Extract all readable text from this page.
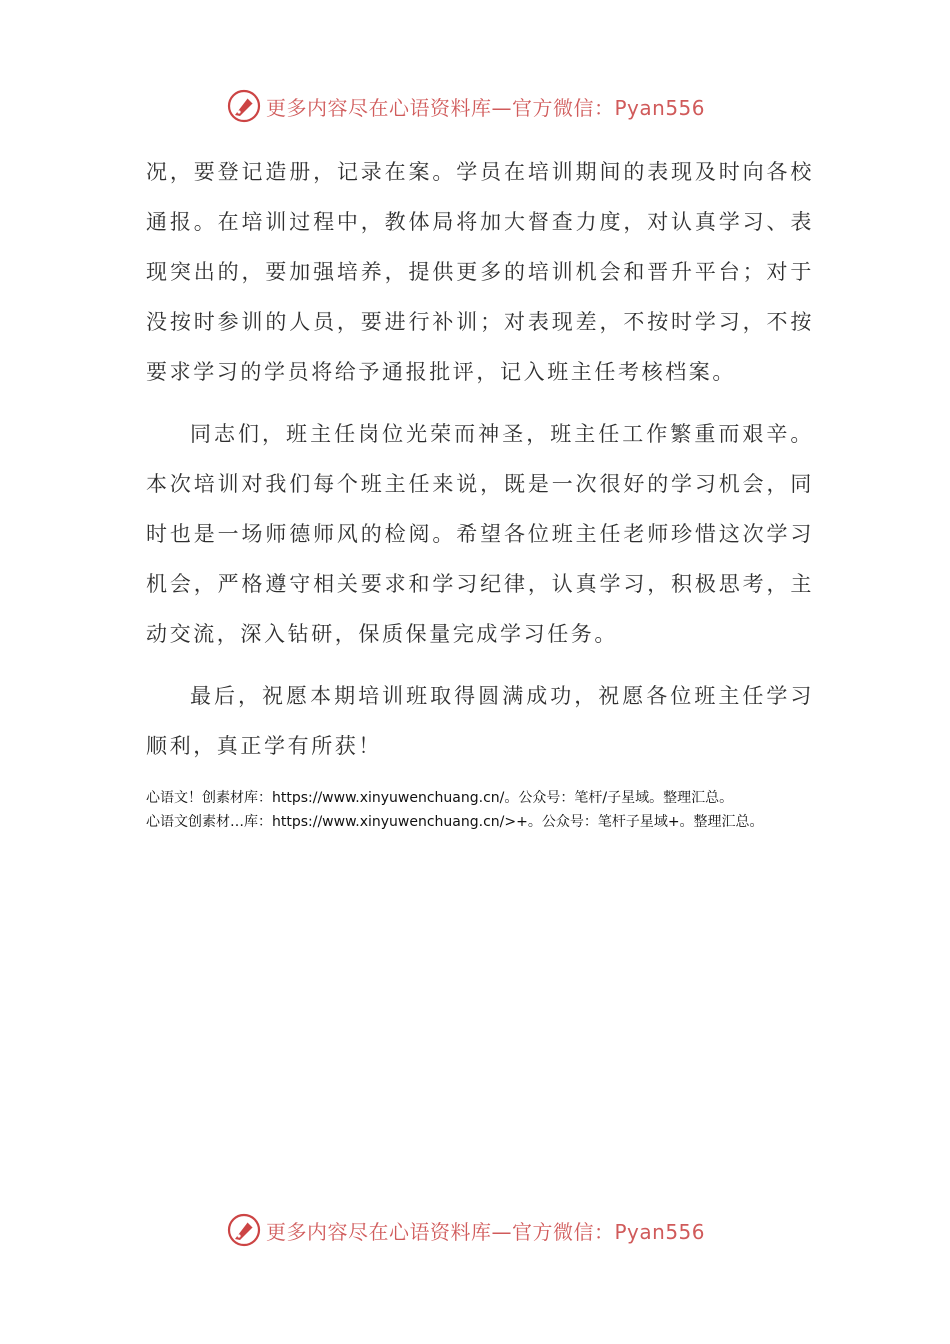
更多内容尽在心语资料库—官方微信：Pyan556

况，要登记造册，记录在案。学员在培训期间的表现及时向各校通报。在培训过程中，教体局将加大督查力度，对认真学习、表现突出的，要加强培养，提供更多的培训机会和晋升平台；对于没按时参训的人员，要进行补训；对表现差，不按时学习，不按要求学习的学员将给予通报批评，记入班主任考核档案。

同志们，班主任岗位光荣而神圣，班主任工作繁重而艰辛。本次培训对我们每个班主任来说，既是一次很好的学习机会，同时也是一场师德师风的检阅。希望各位班主任老师珍惜这次学习机会，严格遵守相关要求和学习纪律，认真学习，积极思考，主动交流，深入钻研，保质保量完成学习任务。

最后，祝愿本期培训班取得圆满成功，祝愿各位班主任学习顺利，真正学有所获！

心语文！创素材库：https://www.xinyuwenchuang.cn/。公众号：笔杆/子星域。整理汇总。
心语文创素材…库：https://www.xinyuwenchuang.cn/>+。公众号：笔杆子星域+。整理汇总。
更多内容尽在心语资料库—官方微信：Pyan556
